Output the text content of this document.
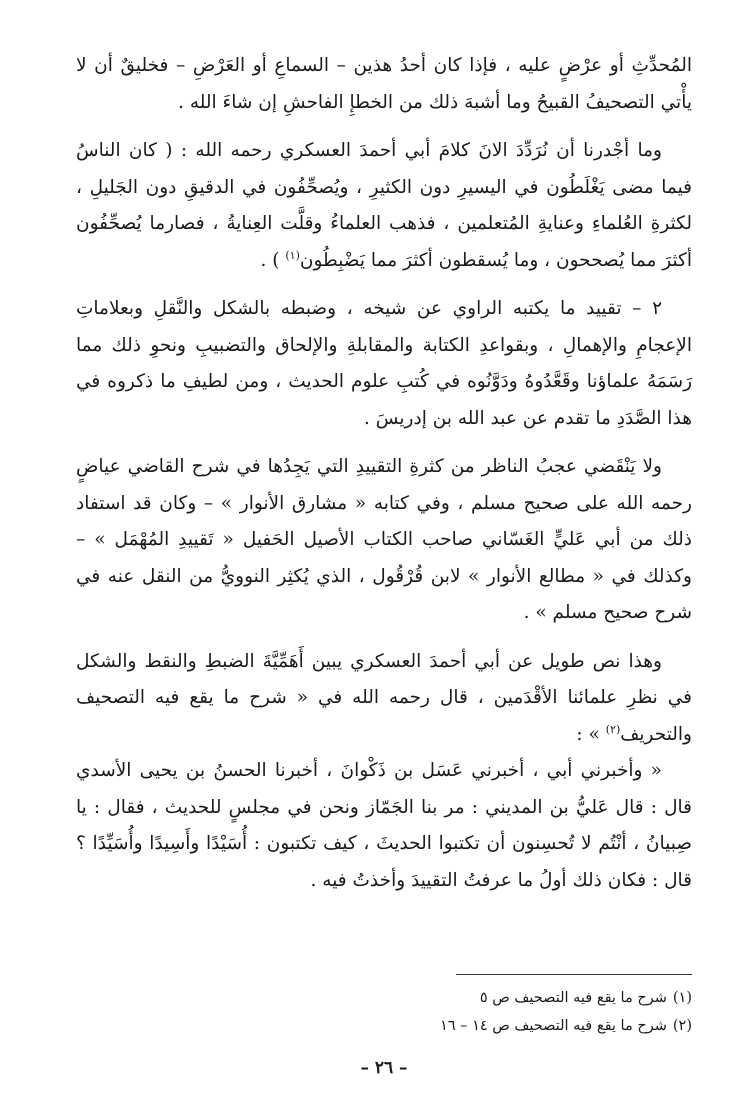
المُحدِّثِ أو عرْضٍ عليه ، فإذا كان أحدُ هذين – السماعِ أو العَرْضِ – فخليقٌ أن لا يأْتي التصحيفُ القبيحُ وما أشبهَ ذلك من الخطإِ الفاحشِ إن شاءَ الله .

وما أجْدرنا أن نُرَدِّدَ الانَ كلامَ أبي أحمدَ العسكري رحمه الله : ( كان الناسُ فيما مضى يَغْلَطُون في اليسيرِ دون الكثيرِ ، ويُصحِّفُون في الدقيقِ دون الجَليلِ ، لكثرةِ العُلماءِ وعنايةِ المُتعلمين ، فذهب العلماءُ وقلَّت العِنايةُ ، فصارما يُصحِّفُون أكثرَ مما يُصححون ، وما يُسقطون أكثرَ مما يَضْبِطُون$^{(١)}$ ) .

٢ – تقييد ما يكتبه الراوي عن شيخه ، وضبطه بالشكل والنَّقلِ وبعلاماتِ الإعجامِ والإهمالِ ، وبقواعدِ الكتابة والمقابلةِ والإلحاق والتضبيبِ ونحوِ ذلك مما رَسَمَهُ علماؤنا وقَعَّدُوهُ ودَوَّنُوه في كُتبِ علوم الحديث ، ومن لطيفِ ما ذكروه في هذا الصَّدَدِ ما تقدم عن عبد الله بن إدريسَ .

ولا يَنْقَضي عجبُ الناظر من كثرةِ التقييدِ التي يَجِدُها في شرح القاضي عياضٍ رحمه الله على صحيح مسلم ، وفي كتابه « مشارق الأنوار » – وكان قد استفاد ذلك من أبي عَليٍّ الغَسّاني صاحب الكتاب الأصيل الحَفيل « تَقييدِ المُهْمَل » – وكذلك في « مطالع الأنوار » لابن قُرْقُول ، الذي يُكثِر النوويُّ من النقل عنه في شرح صحيح مسلم » .

وهذا نص طويل عن أبي أحمدَ العسكري يبين أَهَمِّيَّةَ الضبطِ والنقط والشكل في نظرِ علمائنا الأقْدَمين ، قال رحمه الله في « شرح ما يقع فيه التصحيف والتحريف$^{(٢)}$ » :

« وأخبرني أبي ، أخبرني عَسَل بن ذَكْوانَ ، أخبرنا الحسنُ بن يحيى الأسدي قال : قال عَليُّ بن المديني : مر بنا الجَمّاز ونحن في مجلسٍ للحديث ، فقال : يا صِبيانُ ، أنْتُم لا تُحسِنون أن تكتبوا الحديثَ ، كيف تكتبون : أُسَيْدًا وأَسِيدًا وأُسَيِّدًا ؟ قال : فكان ذلك أولُ ما عرفتُ التقييدَ وأخذتُ فيه .

(١)شرح ما يقع فيه التصحيف ص ٥

(٢)شرح ما يقع فيه التصحيف ص ١٤ – ١٦

– ٢٦ –
